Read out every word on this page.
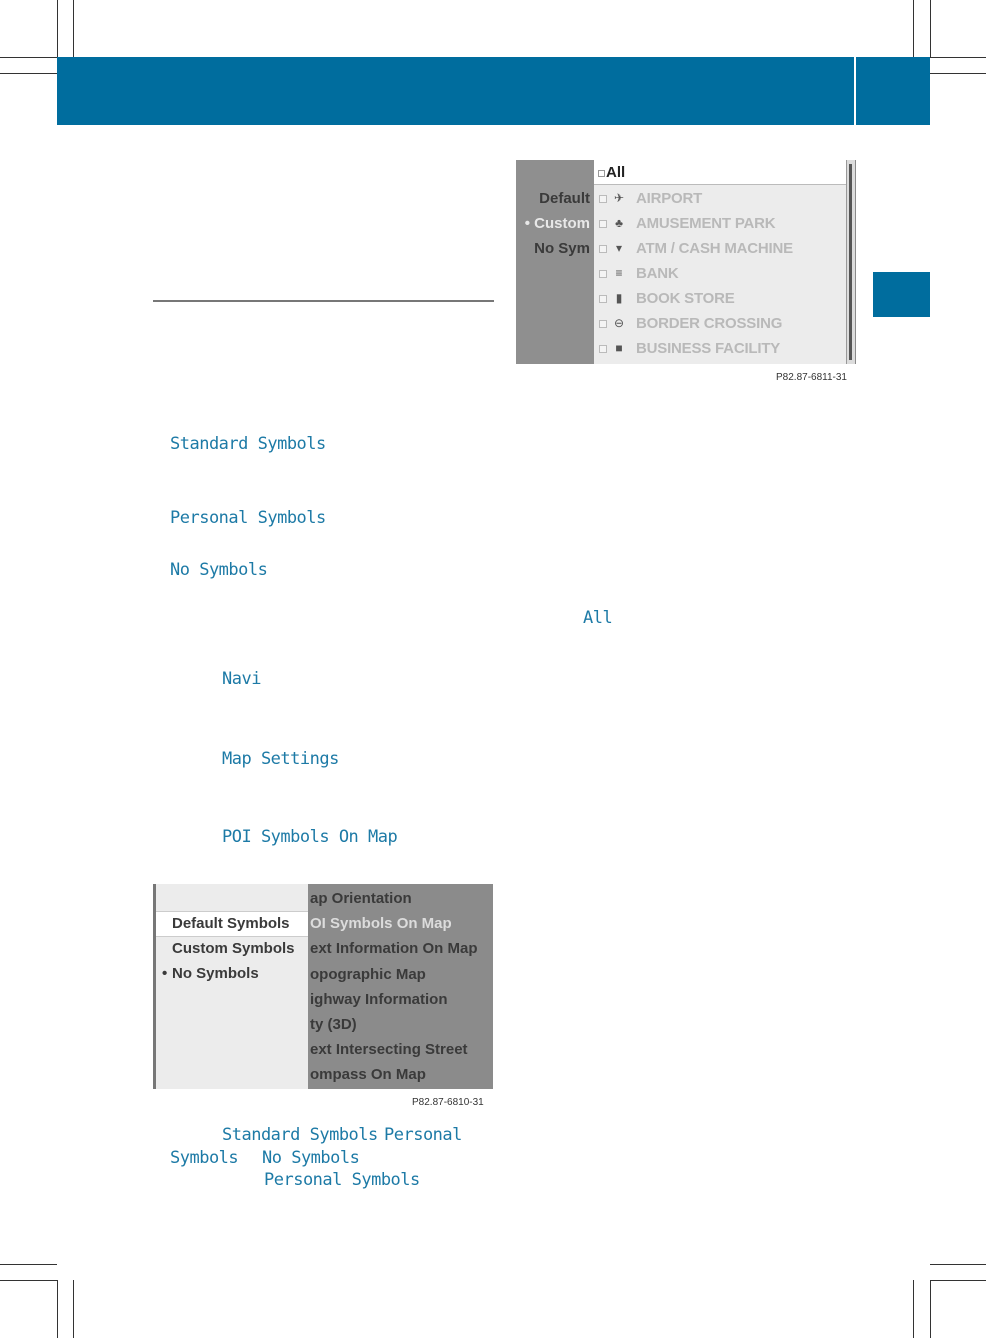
Standard Symbols
Personal Symbols
No Symbols
Navi
Map Settings
POI Symbols On Map
All
Standard Symbols Personal
Symbols No Symbols
Personal Symbols
Default
• Custom
No Sym
All
✈ AIRPORT
♣ AMUSEMENT PARK
▾ ATM / CASH MACHINE
≡ BANK
▮ BOOK STORE
⊖ BORDER CROSSING
■ BUSINESS FACILITY
P82.87-6811-31
ap Orientation
OI Symbols On Map
ext Information On Map
opographic Map
ighway Information
ty (3D)
ext Intersecting Street
ompass On Map
Default Symbols
Custom Symbols
• No Symbols
P82.87-6810-31
